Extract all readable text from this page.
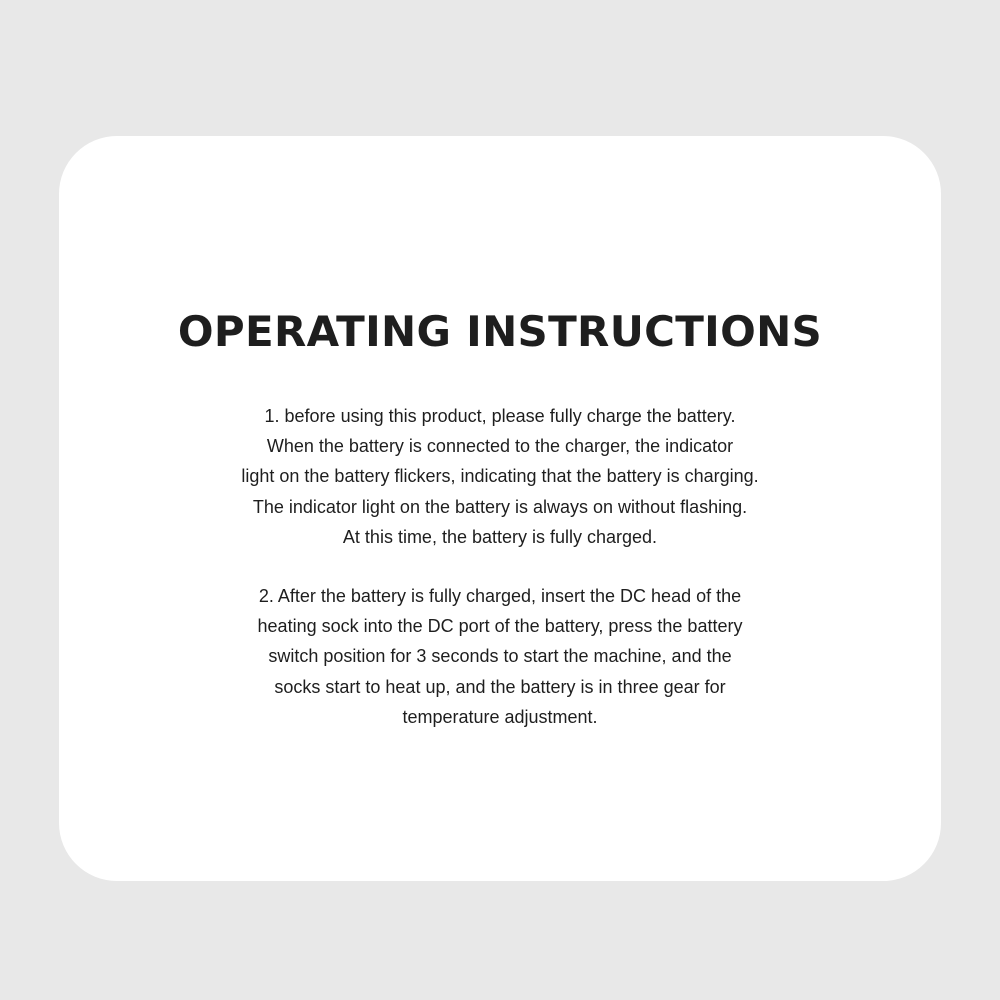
OPERATING INSTRUCTIONS
1. before using this product, please fully charge the battery.
When the battery is connected to the charger, the indicator
light on the battery flickers, indicating that the battery is charging.
The indicator light on the battery is always on without flashing.
At this time, the battery is fully charged.
2. After the battery is fully charged, insert the DC head of the
heating sock into the DC port of the battery, press the battery
switch position for 3 seconds to start the machine, and the
socks start to heat up, and the battery is in three gear for
temperature adjustment.
